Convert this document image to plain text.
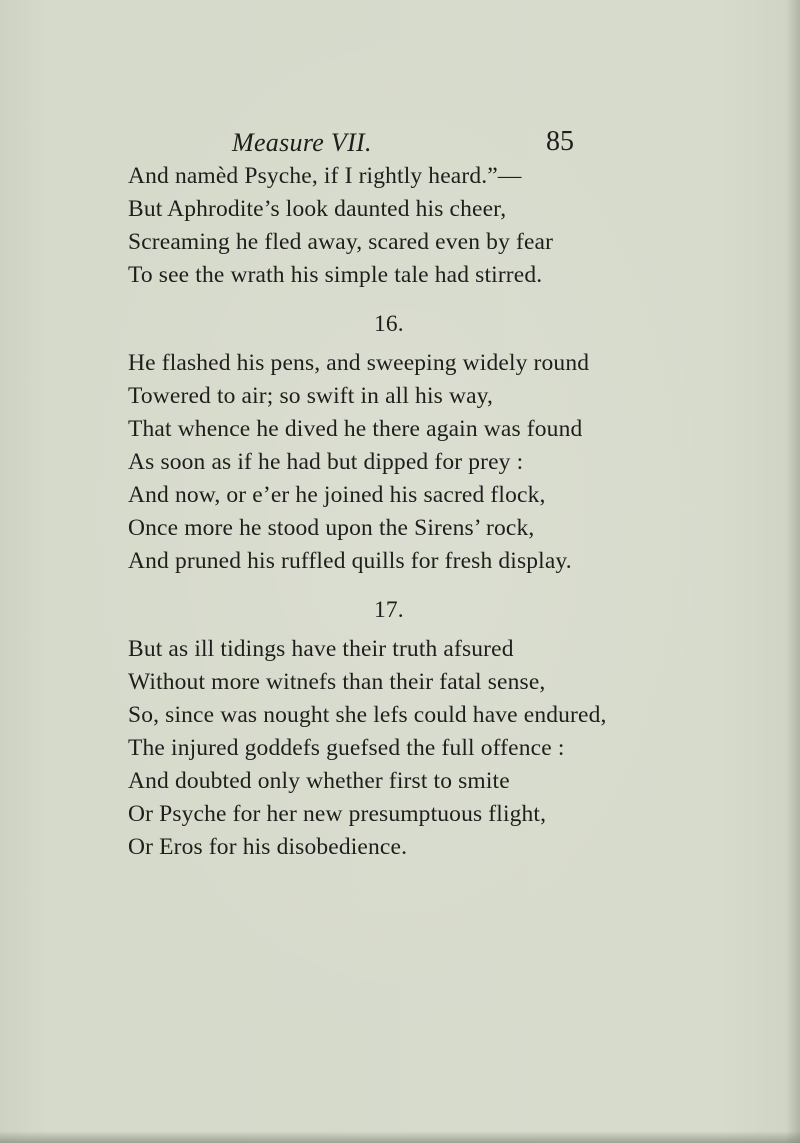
Measure VII.	85
And namèd Psyche, if I rightly heard.”—
But Aphrodite’s look daunted his cheer,
Screaming he fled away, scared even by fear
To see the wrath his simple tale had stirred.
16.
He flashed his pens, and sweeping widely round
Towered to air; so swift in all his way,
That whence he dived he there again was found
As soon as if he had but dipped for prey :
And now, or e’er he joined his sacred flock,
Once more he stood upon the Sirens’ rock,
And pruned his ruffled quills for fresh display.
17.
But as ill tidings have their truth afsured
Without more witnefs than their fatal sense,
So, since was nought she lefs could have endured,
The injured goddefs guefsed the full offence :
And doubted only whether first to smite
Or Psyche for her new presumptuous flight,
Or Eros for his disobedience.
